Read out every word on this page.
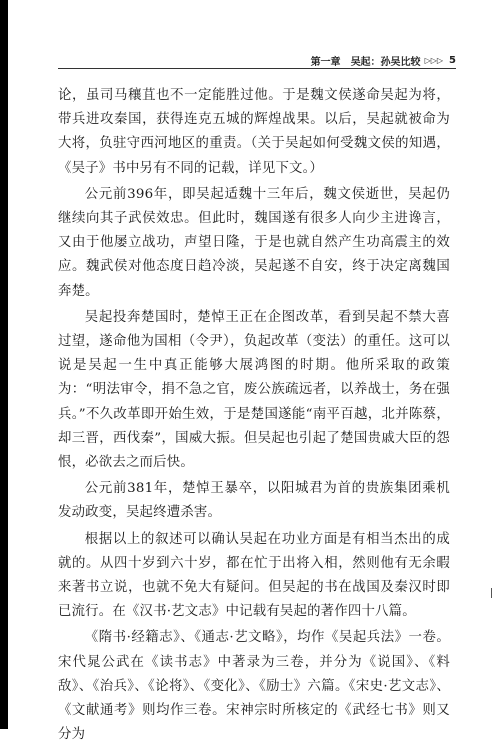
第一章 吴起：孙吴比较 ▷▷▷ 5

论，虽司马穰苴也不一定能胜过他。于是魏文侯遂命吴起为将，带兵进攻秦国，获得连克五城的辉煌战果。以后，吴起就被命为大将，负驻守西河地区的重责。（关于吴起如何受魏文侯的知遇，《吴子》书中另有不同的记载，详见下文。）

公元前396年，即吴起适魏十三年后，魏文侯逝世，吴起仍继续向其子武侯效忠。但此时，魏国遂有很多人向少主进谗言，又由于他屡立战功，声望日隆，于是也就自然产生功高震主的效应。魏武侯对他态度日趋冷淡，吴起遂不自安，终于决定离魏国奔楚。

吴起投奔楚国时，楚悼王正在企图改革，看到吴起不禁大喜过望，遂命他为国相（令尹），负起改革（变法）的重任。这可以说是吴起一生中真正能够大展鸿图的时期。他所采取的政策为：“明法审令，捐不急之官，废公族疏远者，以养战士，务在强兵。”不久改革即开始生效，于是楚国遂能“南平百越，北并陈蔡，却三晋，西伐秦”，国威大振。但吴起也引起了楚国贵戚大臣的怨恨，必欲去之而后快。

公元前381年，楚悼王暴卒，以阳城君为首的贵族集团乘机发动政变，吴起终遭杀害。

根据以上的叙述可以确认吴起在功业方面是有相当杰出的成就的。从四十岁到六十岁，都在忙于出将入相，然则他有无余暇来著书立说，也就不免大有疑问。但吴起的书在战国及秦汉时即已流行。在《汉书·艺文志》中记载有吴起的著作四十八篇。

《隋书·经籍志》、《通志·艺文略》，均作《吴起兵法》一卷。宋代晁公武在《读书志》中著录为三卷，并分为《说国》、《料敌》、《治兵》、《论将》、《变化》、《励士》六篇。《宋史·艺文志》、《文献通考》则均作三卷。宋神宗时所核定的《武经七书》则又分为
